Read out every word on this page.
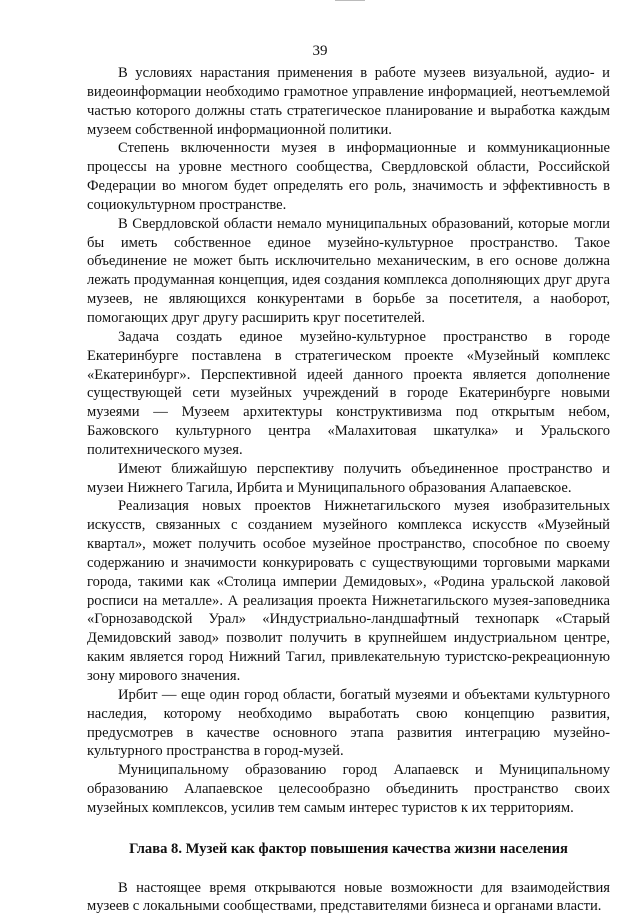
39

В условиях нарастания применения в работе музеев визуальной, аудио- и видеоинформации необходимо грамотное управление информацией, неотъемлемой частью которого должны стать стратегическое планирование и выработка каждым музеем собственной информационной политики.

Степень включенности музея в информационные и коммуникационные процессы на уровне местного сообщества, Свердловской области, Российской Федерации во многом будет определять его роль, значимость и эффективность в социокультурном пространстве.

В Свердловской области немало муниципальных образований, которые могли бы иметь собственное единое музейно-культурное пространство. Такое объединение не может быть исключительно механическим, в его основе должна лежать продуманная концепция, идея создания комплекса дополняющих друг друга музеев, не являющихся конкурентами в борьбе за посетителя, а наоборот, помогающих друг другу расширить круг посетителей.

Задача создать единое музейно-культурное пространство в городе Екатеринбурге поставлена в стратегическом проекте «Музейный комплекс «Екатеринбург». Перспективной идеей данного проекта является дополнение существующей сети музейных учреждений в городе Екатеринбурге новыми музеями — Музеем архитектуры конструктивизма под открытым небом, Бажовского культурного центра «Малахитовая шкатулка» и Уральского политехнического музея.

Имеют ближайшую перспективу получить объединенное пространство и музеи Нижнего Тагила, Ирбита и Муниципального образования Алапаевское.

Реализация новых проектов Нижнетагильского музея изобразительных искусств, связанных с созданием музейного комплекса искусств «Музейный квартал», может получить особое музейное пространство, способное по своему содержанию и значимости конкурировать с существующими торговыми марками города, такими как «Столица империи Демидовых», «Родина уральской лаковой росписи на металле». А реализация проекта Нижнетагильского музея-заповедника «Горнозаводской Урал» «Индустриально-ландшафтный технопарк «Старый Демидовский завод» позволит получить в крупнейшем индустриальном центре, каким является город Нижний Тагил, привлекательную туристско-рекреационную зону мирового значения.

Ирбит — еще один город области, богатый музеями и объектами культурного наследия, которому необходимо выработать свою концепцию развития, предусмотрев в качестве основного этапа развития интеграцию музейно-культурного пространства в город-музей.

Муниципальному образованию город Алапаевск и Муниципальному образованию Алапаевское целесообразно объединить пространство своих музейных комплексов, усилив тем самым интерес туристов к их территориям.

Глава 8. Музей как фактор повышения качества жизни населения

В настоящее время открываются новые возможности для взаимодействия музеев с локальными сообществами, представителями бизнеса и органами власти.
